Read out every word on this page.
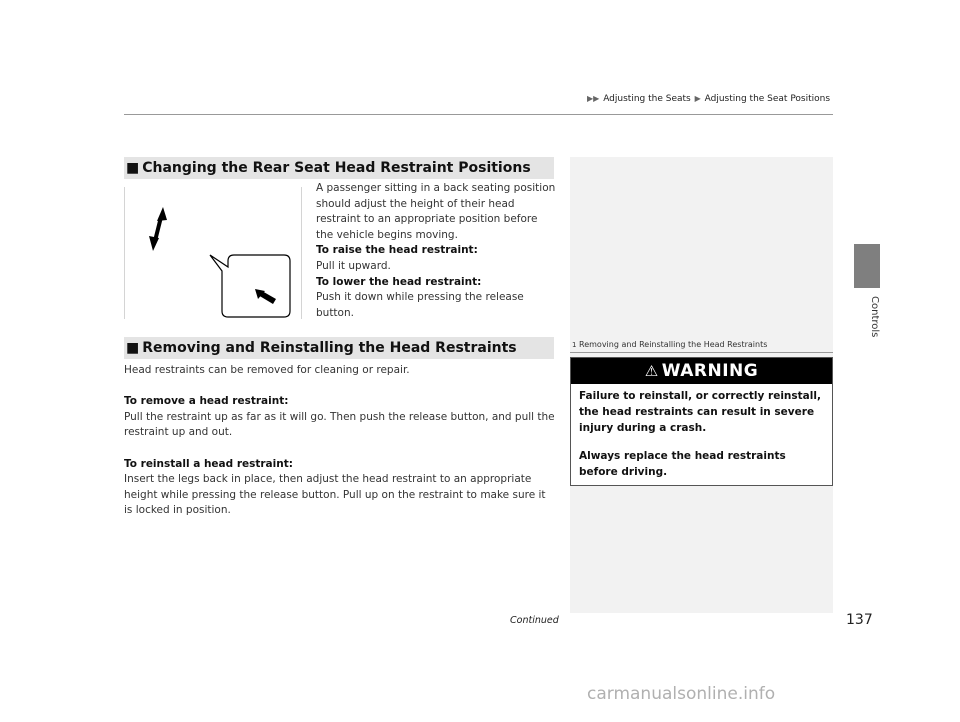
▶▶ Adjusting the Seats ▶ Adjusting the Seat Positions
Controls
■ Changing the Rear Seat Head Restraint Positions
A passenger sitting in a back seating position should adjust the height of their head restraint to an appropriate position before the vehicle begins moving.
To raise the head restraint:
Pull it upward.
To lower the head restraint:
Push it down while pressing the release button.
■ Removing and Reinstalling the Head Restraints

Head restraints can be removed for cleaning or repair.

To remove a head restraint:

Pull the restraint up as far as it will go. Then push the release button, and pull the restraint up and out.

To reinstall a head restraint:

Insert the legs back in place, then adjust the head restraint to an appropriate height while pressing the release button. Pull up on the restraint to make sure it is locked in position.

1 Removing and Reinstalling the Head Restraints
⚠ WARNING

Failure to reinstall, or correctly reinstall, the head restraints can result in severe injury during a crash.

Always replace the head restraints before driving.

Continued	137
carmanualsonline.info
